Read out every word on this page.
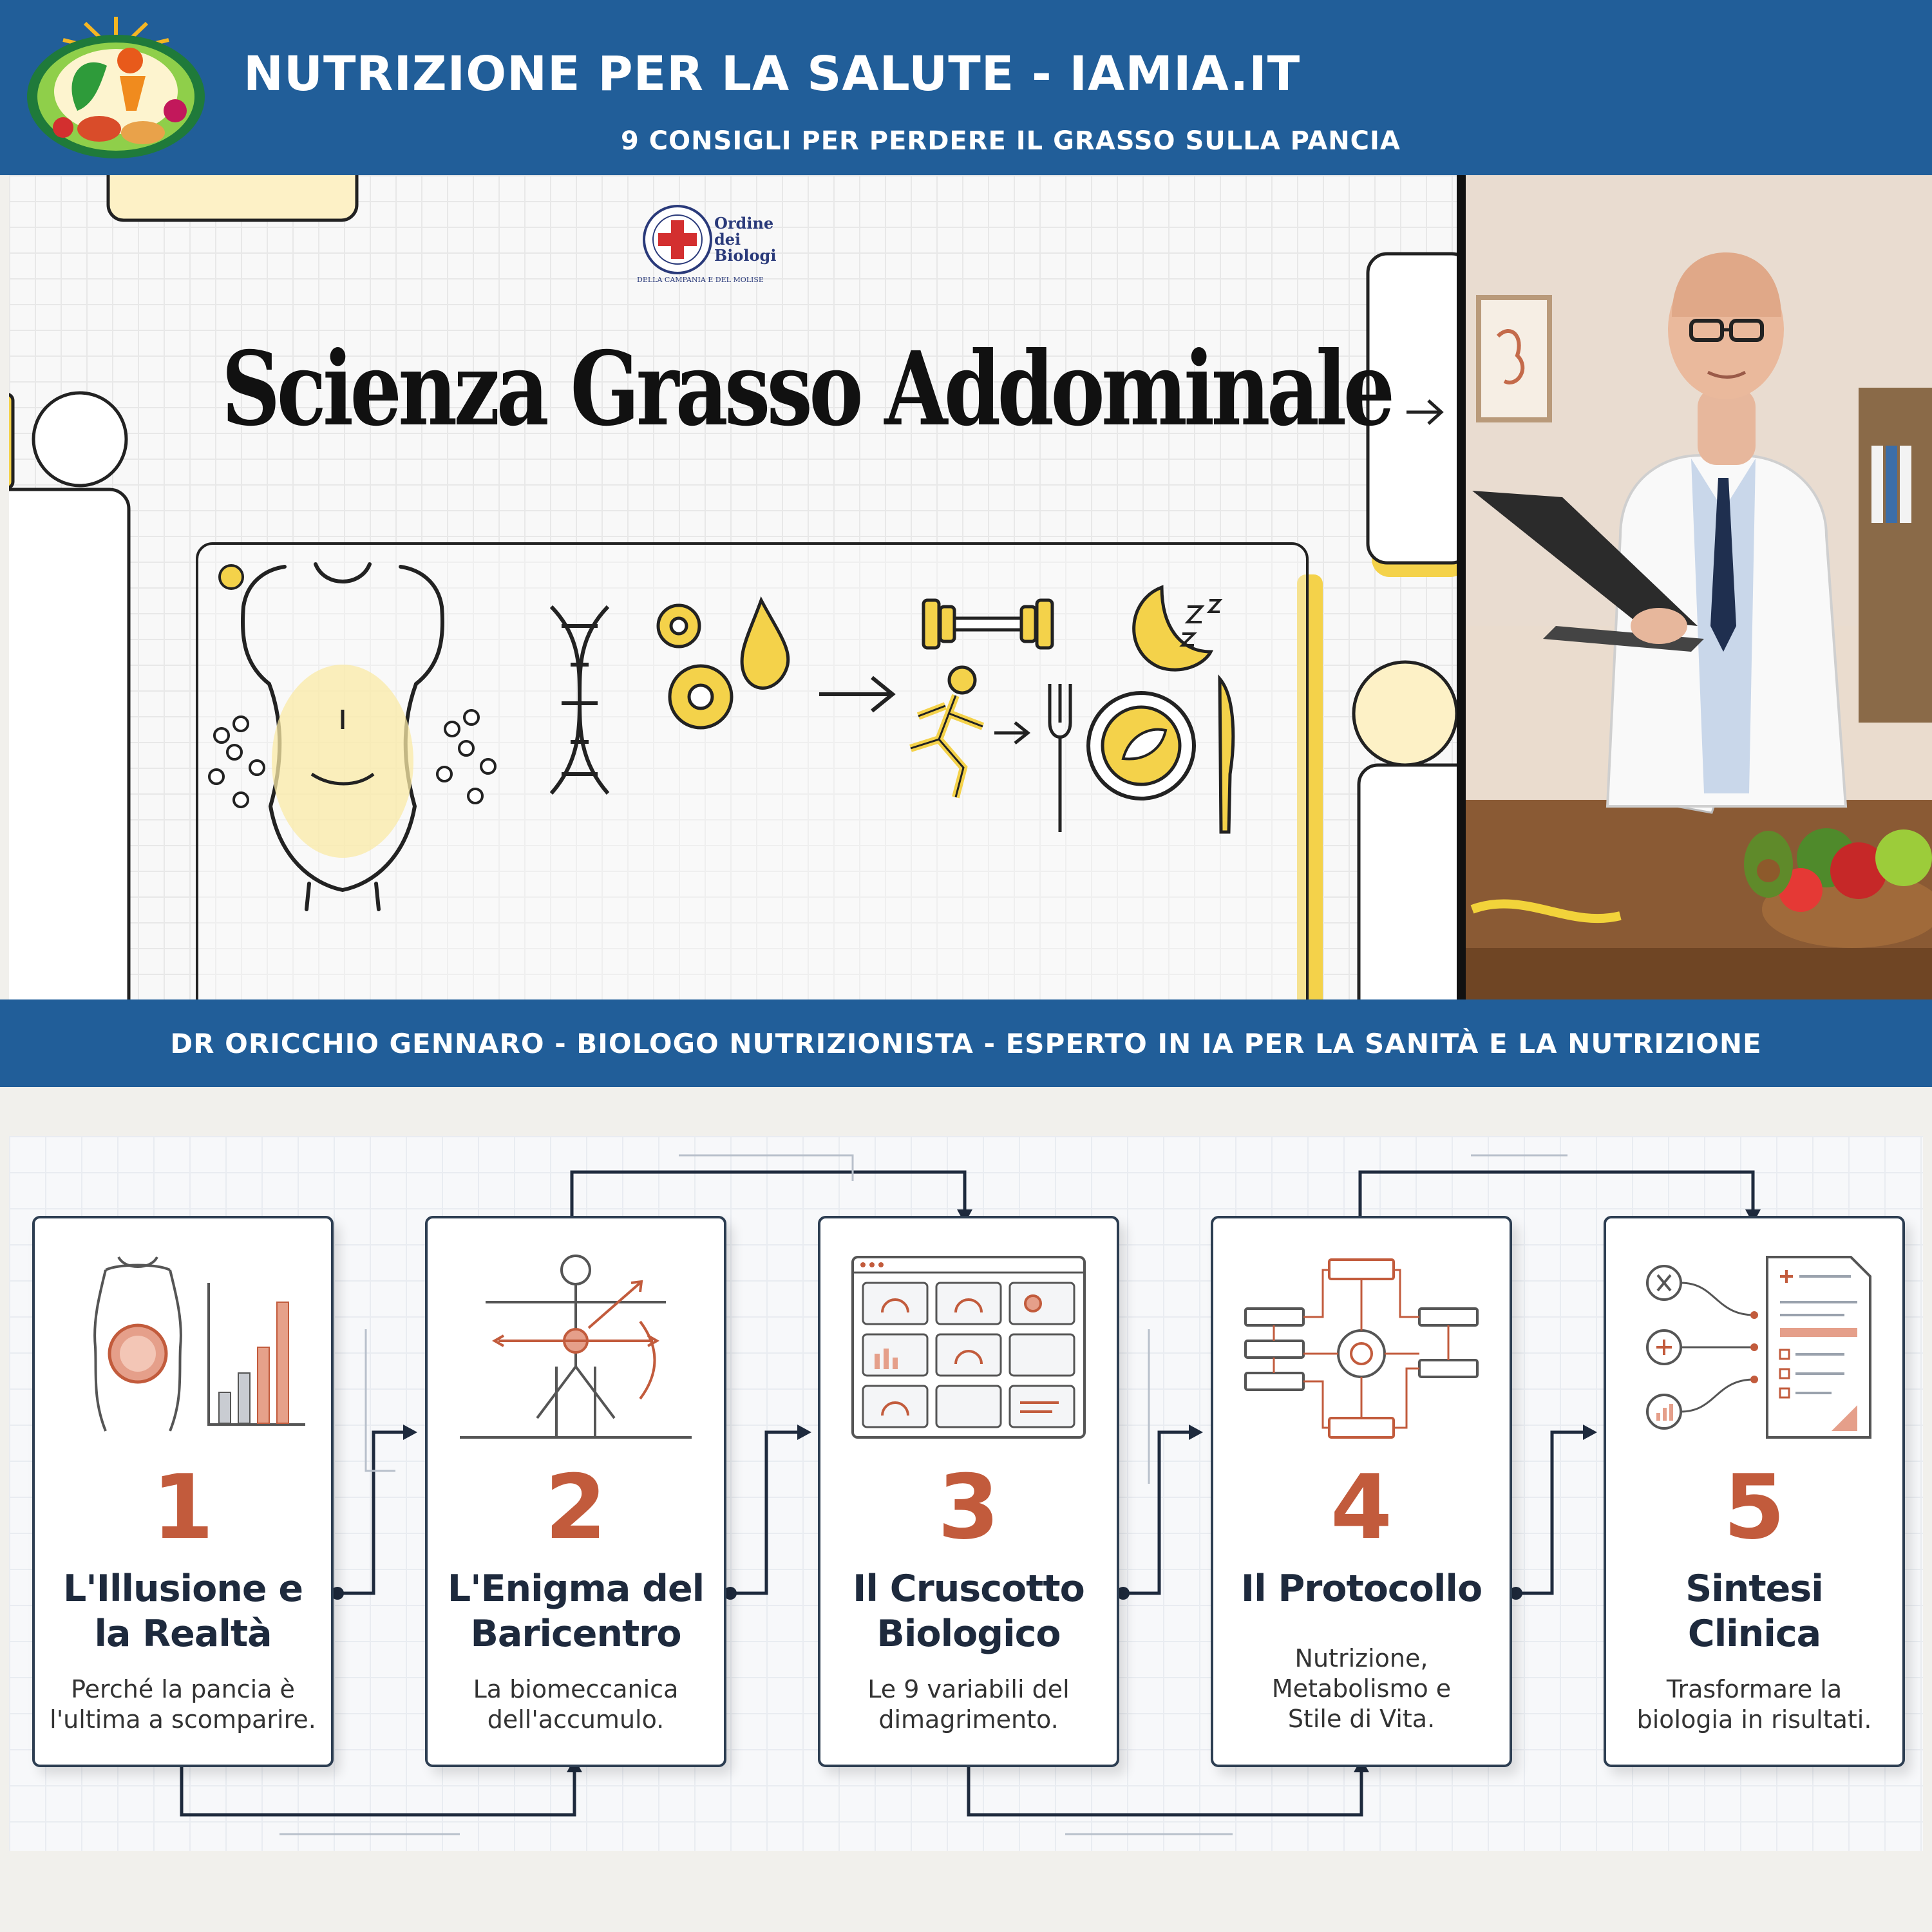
NUTRIZIONE PER LA SALUTE - IAMIA.IT
9 CONSIGLI PER PERDERE IL GRASSO SULLA PANCIA
Ordine dei Biologi
DELLA CAMPANIA E DEL MOLISE
Scienza Grasso Addominale
DR ORICCHIO GENNARO - BIOLOGO NUTRIZIONISTA - ESPERTO IN IA PER LA SANITÀ E LA NUTRIZIONE
1
L'Illusione e
la Realtà
Perché la pancia è
l'ultima a scomparire.
2
L'Enigma del
Baricentro
La biomeccanica
dell'accumulo.
3
Il Cruscotto
Biologico
Le 9 variabili del
dimagrimento.
4
Il Protocollo
Nutrizione,
Metabolismo e
Stile di Vita.
5
Sintesi
Clinica
Trasformare la
biologia in risultati.
